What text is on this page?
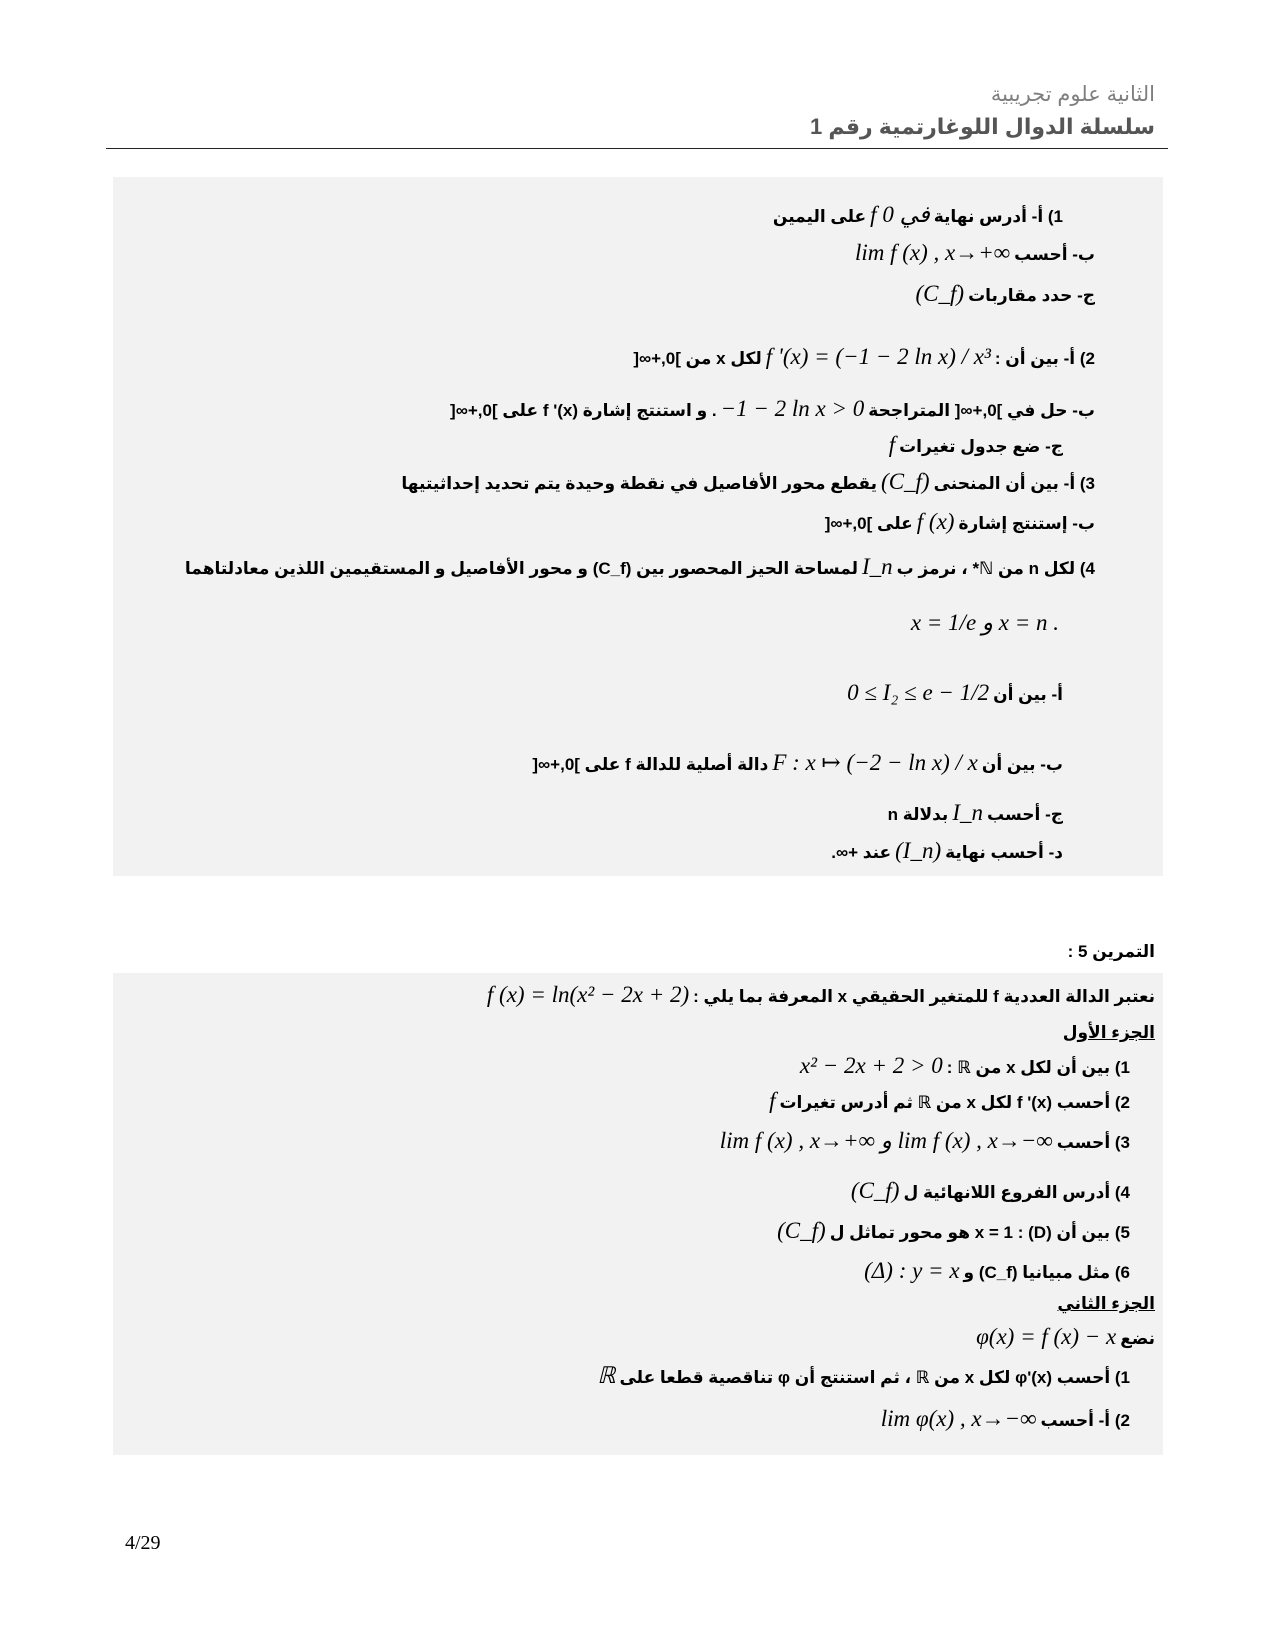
الثانية علوم تجريبية
سلسلة الدوال اللوغارتمية رقم 1
1) أ- أدرس نهايةf في 0على اليمين
ب- أحسبlim f (x) , x→+∞
ج- حدد مقاربات(C_f)
2) أ- بين أن :f '(x) = (−1 − 2 ln x) / x³لكل x من ]0,+∞[
ب- حل في ]0,+∞[ المتراجحة−1 − 2 ln x > 0. و استنتج إشارة f '(x) على ]0,+∞[
ج- ضع جدول تغيراتf
3) أ- بين أن المنحنى(C_f)يقطع محور الأفاصيل في نقطة وحيدة يتم تحديد إحداثيتيها
ب- إستنتج إشارةf (x)على ]0,+∞[
4) لكل n من ℕ* ، نرمز بI_nلمساحة الحيز المحصور بين (C_f) و محور الأفاصيل و المستقيمين اللذين معادلتاهما
x = 1/e و x = n .
أ- بين أن0 ≤ I₂ ≤ e − 1/2
ب- بين أنF : x ↦ (−2 − ln x) / xدالة أصلية للدالة f على ]0,+∞[
ج- أحسبI_nبدلالة n
د- أحسب نهاية(I_n)عند +∞.
التمرين 5 :
نعتبر الدالة العددية f للمتغير الحقيقي x المعرفة بما يلي :f (x) = ln(x² − 2x + 2)
الجزء الأول
1) بين أن لكل x من ℝ :x² − 2x + 2 > 0
2) أحسب f '(x) لكل x من ℝ ثم أدرس تغيراتf
3) أحسبlim f (x) , x→+∞ و lim f (x) , x→−∞
4) أدرس الفروع اللانهائية ل(C_f)
5) بين أن (D) : x = 1 هو محور تماثل ل(C_f)
6) مثل مبيانيا (C_f) و(Δ) : y = x
الجزء الثاني
نضعφ(x) = f (x) − x
1) أحسب φ'(x) لكل x من ℝ ، ثم استنتج أن φ تناقصية قطعا علىℝ
2) أ- أحسبlim φ(x) , x→−∞
4/29
